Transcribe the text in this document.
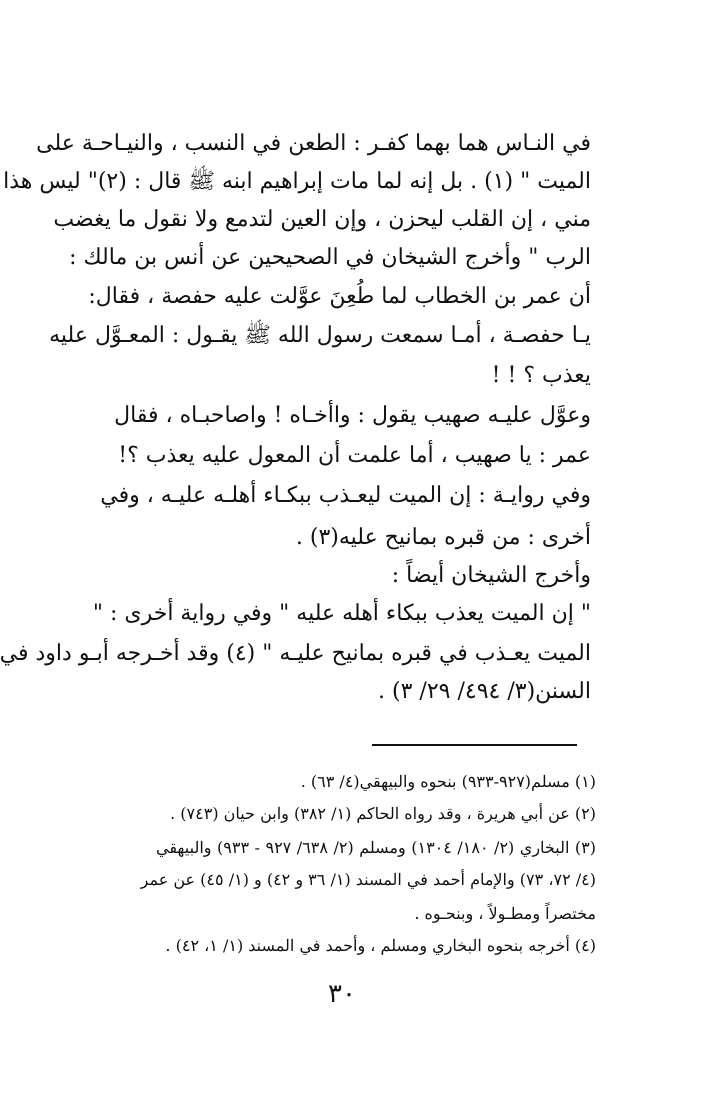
في النـاس هما بهما كفـر : الطعن في النسب ، والنيـاحـة على
الميت " (١) . بل إنه لما مات إبراهيم ابنه ﷺ قال : (٢)" ليس هذا
مني ، إن القلب ليحزن ، وإن العين لتدمع ولا نقول ما يغضب
الرب " وأخرج الشيخان في الصحيحين عن أنس بن مالك :
أن عمر بن الخطاب لما طُعِنَ عوَّلت عليه حفصة ، فقال:
يـا حفصـة ، أمـا سمعت رسول الله ﷺ يقـول : المعـوَّل عليه
يعذب ؟ ! !
وعوَّل عليـه صهيب يقول : واأخـاه ! واصاحبـاه ، فقال
عمر : يا صهيب ، أما علمت أن المعول عليه يعذب ؟!
وفي روايـة : إن الميت ليعـذب ببكـاء أهلـه عليـه ، وفي
أخرى : من قبره بمانيح عليه(٣) .
وأخرج الشيخان أيضاً :
" إن الميت يعذب ببكاء أهله عليه " وفي رواية أخرى : "
الميت يعـذب في قبره بمانيح عليـه " (٤) وقد أخـرجه أبـو داود في
السنن(٣/ ٤٩٤/ ٢٩/ ٣) .
(١) مسلم(٩٢٧-٩٣٣) بنحوه والبيهقي(٤/ ٦٣) .
(٢) عن أبي هريرة ، وقد رواه الحاكم (١/ ٣٨٢) وابن حيان (٧٤٣) .
(٣) البخاري (٢/ ١٨٠/ ١٣٠٤) ومسلم (٢/ ٦٣٨/ ٩٢٧ - ٩٣٣) والبيهقي
(٤/ ٧٢، ٧٣) والإمام أحمد في المسند (١/ ٣٦ و ٤٢) و (١/ ٤٥) عن عمر
مختصراً ومطـولاً ، وبنحـوه .
(٤) أخرجه بنحوه البخاري ومسلم ، وأحمد في المسند (١/ ١، ٤٢) .
٣٠
